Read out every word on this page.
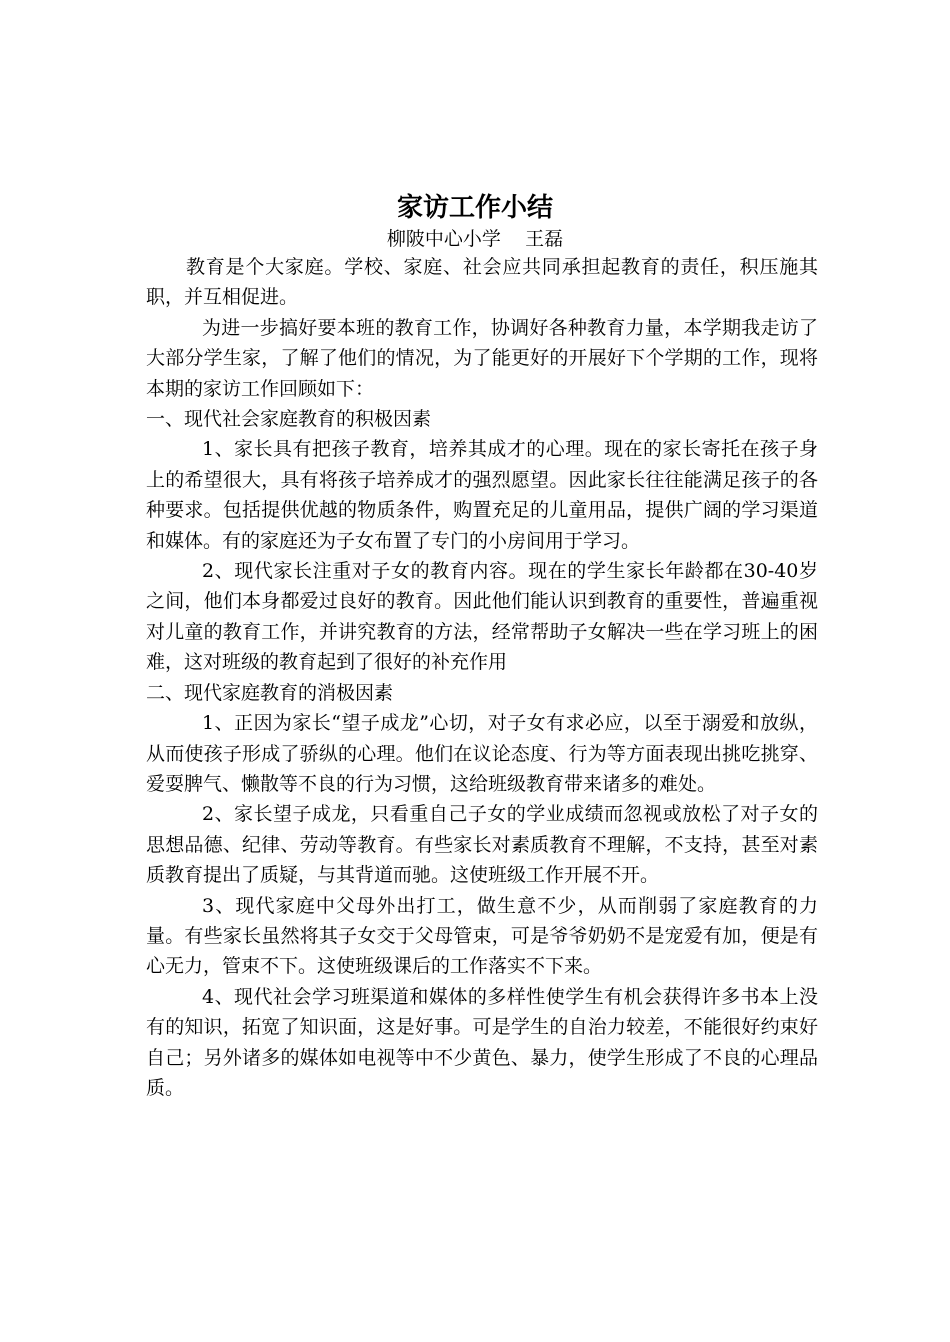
家访工作小结
柳陂中心小学    王磊

教育是个大家庭。学校、家庭、社会应共同承担起教育的责任，积压施其职，并互相促进。

为进一步搞好要本班的教育工作，协调好各种教育力量，本学期我走访了大部分学生家，了解了他们的情况，为了能更好的开展好下个学期的工作，现将本期的家访工作回顾如下：

一、现代社会家庭教育的积极因素

1、家长具有把孩子教育，培养其成才的心理。现在的家长寄托在孩子身上的希望很大，具有将孩子培养成才的强烈愿望。因此家长往往能满足孩子的各种要求。包括提供优越的物质条件，购置充足的儿童用品，提供广阔的学习渠道和媒体。有的家庭还为子女布置了专门的小房间用于学习。

2、现代家长注重对子女的教育内容。现在的学生家长年龄都在30-40岁之间，他们本身都爱过良好的教育。因此他们能认识到教育的重要性，普遍重视对儿童的教育工作，并讲究教育的方法，经常帮助子女解决一些在学习班上的困难，这对班级的教育起到了很好的补充作用

二、现代家庭教育的消极因素

1、正因为家长“望子成龙”心切，对子女有求必应，以至于溺爱和放纵，从而使孩子形成了骄纵的心理。他们在议论态度、行为等方面表现出挑吃挑穿、爱耍脾气、懒散等不良的行为习惯，这给班级教育带来诸多的难处。

2、家长望子成龙，只看重自己子女的学业成绩而忽视或放松了对子女的思想品德、纪律、劳动等教育。有些家长对素质教育不理解，不支持，甚至对素质教育提出了质疑，与其背道而驰。这使班级工作开展不开。

3、现代家庭中父母外出打工，做生意不少，从而削弱了家庭教育的力量。有些家长虽然将其子女交于父母管束，可是爷爷奶奶不是宠爱有加，便是有心无力，管束不下。这使班级课后的工作落实不下来。

4、现代社会学习班渠道和媒体的多样性使学生有机会获得许多书本上没有的知识，拓宽了知识面，这是好事。可是学生的自治力较差，不能很好约束好自己；另外诸多的媒体如电视等中不少黄色、暴力，使学生形成了不良的心理品质。
